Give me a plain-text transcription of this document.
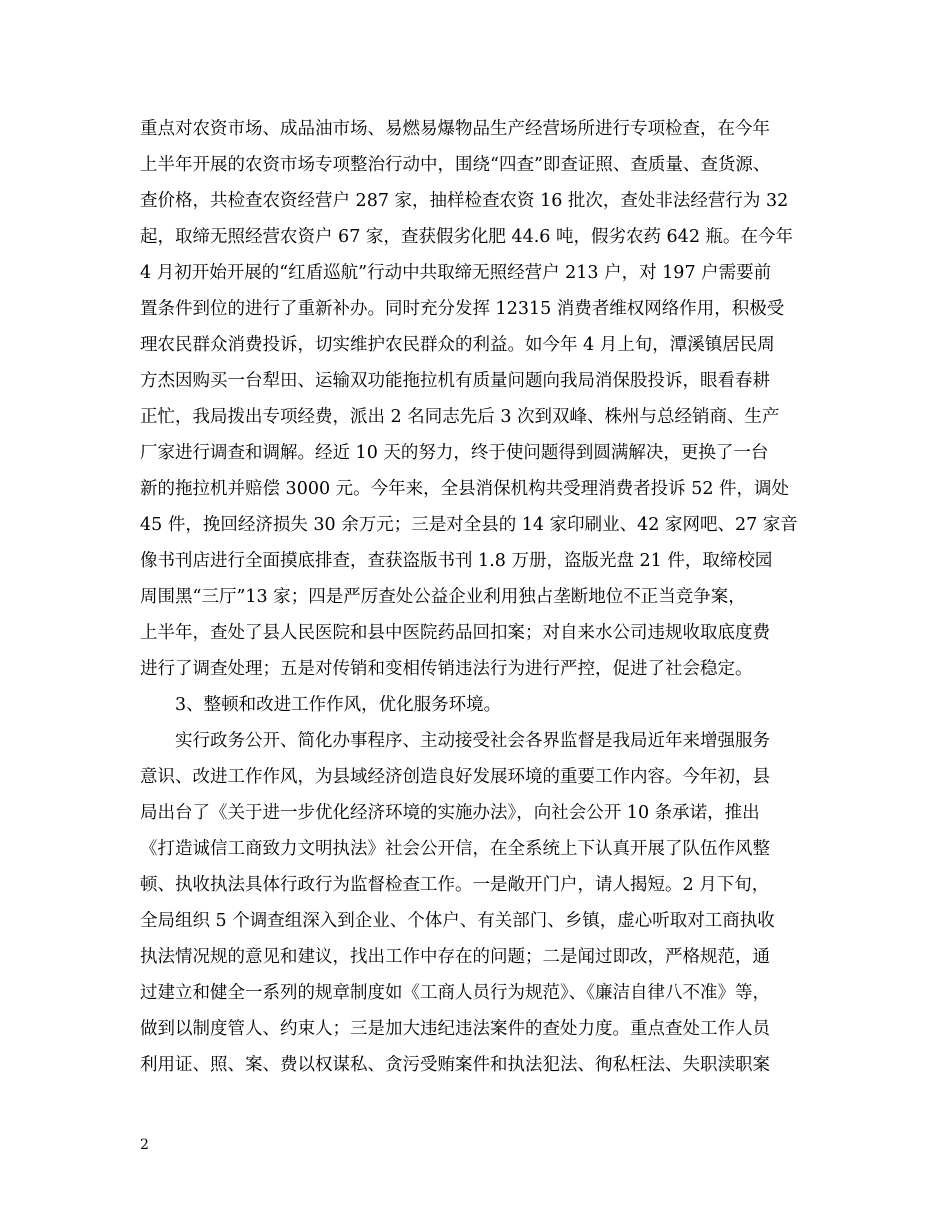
重点对农资市场、成品油市场、易燃易爆物品生产经营场所进行专项检查，在今年
上半年开展的农资市场专项整治行动中，围绕“四查”即查证照、查质量、查货源、
查价格，共检查农资经营户 287 家，抽样检查农资 16 批次，查处非法经营行为 32
起，取缔无照经营农资户 67 家，查获假劣化肥 44.6 吨，假劣农药 642 瓶。在今年
4 月初开始开展的“红盾巡航”行动中共取缔无照经营户 213 户，对 197 户需要前
置条件到位的进行了重新补办。同时充分发挥 12315 消费者维权网络作用，积极受
理农民群众消费投诉，切实维护农民群众的利益。如今年 4 月上旬，潭溪镇居民周
方杰因购买一台犁田、运输双功能拖拉机有质量问题向我局消保股投诉，眼看春耕
正忙，我局拨出专项经费，派出 2 名同志先后 3 次到双峰、株州与总经销商、生产
厂家进行调查和调解。经近 10 天的努力，终于使问题得到圆满解决，更换了一台
新的拖拉机并赔偿 3000 元。今年来，全县消保机构共受理消费者投诉 52 件，调处
45 件，挽回经济损失 30 余万元；三是对全县的 14 家印刷业、42 家网吧、27 家音
像书刊店进行全面摸底排查，查获盗版书刊 1.8 万册，盗版光盘 21 件，取缔校园
周围黑“三厅”13 家；四是严厉查处公益企业利用独占垄断地位不正当竞争案，
上半年，查处了县人民医院和县中医院药品回扣案；对自来水公司违规收取底度费
进行了调查处理；五是对传销和变相传销违法行为进行严控，促进了社会稳定。
3、整顿和改进工作作风，优化服务环境。
实行政务公开、简化办事程序、主动接受社会各界监督是我局近年来增强服务
意识、改进工作作风，为县域经济创造良好发展环境的重要工作内容。今年初，县
局出台了《关于进一步优化经济环境的实施办法》，向社会公开 10 条承诺，推出
《打造诚信工商致力文明执法》社会公开信，在全系统上下认真开展了队伍作风整
顿、执收执法具体行政行为监督检查工作。一是敞开门户，请人揭短。2 月下旬，
全局组织 5 个调查组深入到企业、个体户、有关部门、乡镇，虚心听取对工商执收
执法情况规的意见和建议，找出工作中存在的问题；二是闻过即改，严格规范，通
过建立和健全一系列的规章制度如《工商人员行为规范》、《廉洁自律八不准》等，
做到以制度管人、约束人；三是加大违纪违法案件的查处力度。重点查处工作人员
利用证、照、案、费以权谋私、贪污受贿案件和执法犯法、徇私枉法、失职渎职案
2
